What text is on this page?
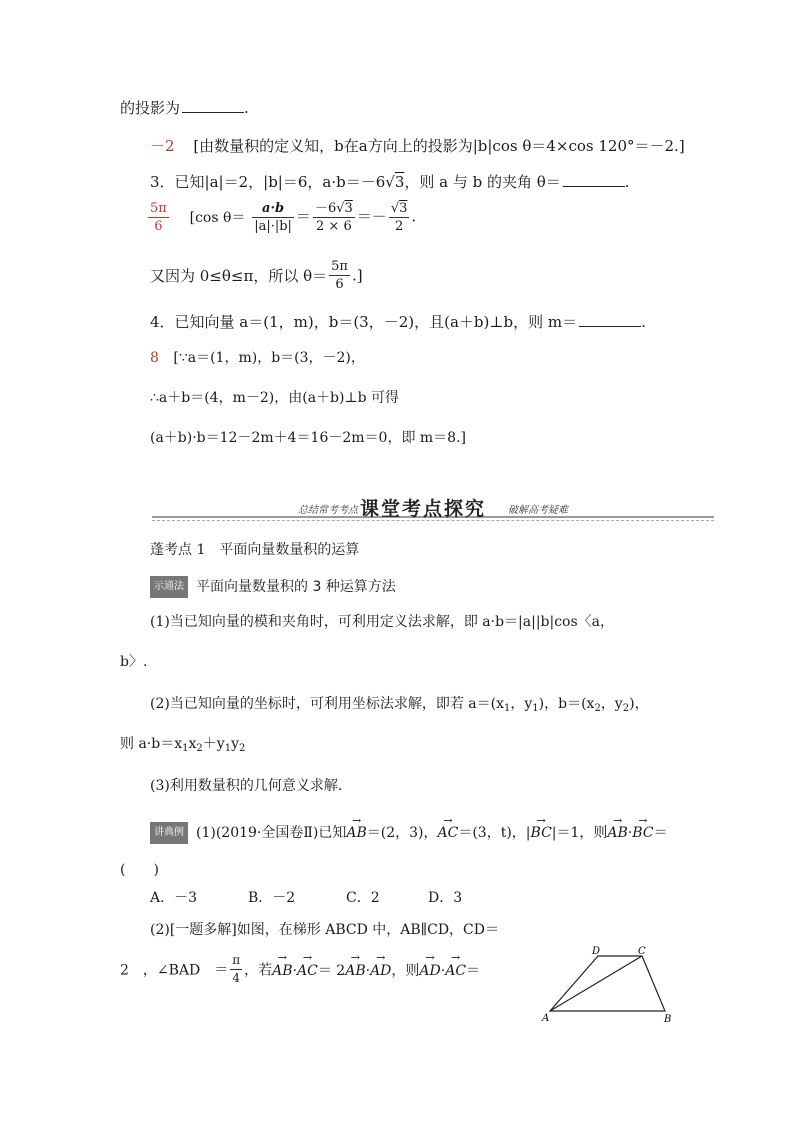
的投影为	.
－2 [由数量积的定义知，b在a方向上的投影为|b|cos θ＝4×cos 120°＝－2.]
3．已知|a|＝2，|b|＝6，a·b＝－6√3，则 a 与 b 的夹角 θ＝	.
$\frac{5\pi}{6} [\cos$ $\theta= \frac{a\cdot b}{|a|\cdot|b|} = \frac{-6√3}{2 \times 6} =- \frac{√3}{2}$ .
又因为 0≤θ≤π，所以 $\theta= \frac{5\pi}{6}$ .]
4．已知向量 a＝(1，m)，b＝(3，－2)，且(a＋b)⊥b，则 m＝	.
8 [∵a＝(1，m)，b＝(3，－2)，
∴a＋b＝(4，m－2)，由(a＋b)⊥b 可得
(a＋b)·b＝12－2m＋4＝16－2m＝0，即 m＝8.]
总结常考考点 课堂考点探究 破解高考疑难
蓬考点 1　平面向量数量积的运算
示通法 平面向量数量积的 3 种运算方法
(1)当已知向量的模和夹角时，可利用定义法求解，即 a·b＝|a||b|cos〈a，
b〉.
(2)当已知向量的坐标时，可利用坐标法求解，即若 $a=(x_1$，$y_1$)，$b=(x_2$，$y_2$)，
则 $a\cdot b=x_1x_2+y_1y_2$
(3)利用数量积的几何意义求解.
讲典例 (1)(2019·全国卷Ⅱ)已知→ AB＝(2，3)，→ AC＝(3，t)，|→ BC|＝1，则→ AB·→ BC＝
(　　)
A．－3	B．－2	C．2	D．3
(2)[一题多解]如图，在梯形 ABCD 中，AB∥CD，CD＝
2　，∠BAD　＝ $\frac{\pi}{4}$ ，若→ AB·→ AC＝ 2→ AB·→ AD，则→ AD·→ AC＝
A	B
C
D
